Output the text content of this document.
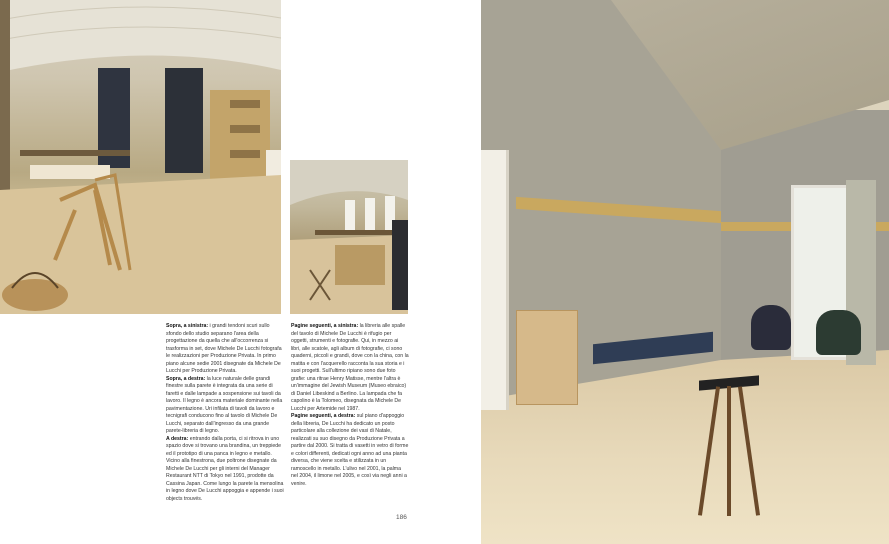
Sopra, a sinistra: i grandi tendoni scuri sullo sfondo dello studio separano l'area della progettazione da quella che all'occorrenza si trasforma in set, dove Michele De Lucchi fotografa le realizzazioni per Produzione Privata. In primo piano alcune sedie 2001 disegnate da Michele De Lucchi per Produzione Privata.
Sopra, a destra: la luce naturale delle grandi finestre sulla parete è integrata da una serie di faretti e dalle lampade a sospensione sui tavoli da lavoro. Il legno è ancora materiale dominante nella pavimentazione. Uri infilata di tavoli da lavoro e tecnigrafi conducono fino al tavolo di Michele De Lucchi, separato dall'ingresso da una grande parete-libreria di legno.
A destra: entrando dalla porta, ci si ritrova in uno spazio dove si trovano una brandina, un treppiede ed il prototipo di una panca in legno e metallo. Vicino alla finestrona, due poltrone disegnate da Michele De Lucchi per gli interni del Manager Restaurant NTT di Tokyo nel 1991, prodotte da Cassina Japan. Come lungo la parete la mensolina in legno dove De Lucchi appoggia e appende i suoi objects trouvés.
Pagine seguenti, a sinistra: la libreria alle spalle del tavolo di Michele De Lucchi è rifugio per oggetti, strumenti e fotografie. Qui, in mezzo ai libri, alle scatole, agli album di fotografie, ci sono quaderni, piccoli e grandi, dove con la china, con la matita e con l'acquerello racconta la sua storia e i suoi progetti. Sull'ultimo ripiano sono due foto grafie: una ritrae Henry Matisse, mentre l'altra è un'immagine del Jewish Museum (Museo ebraico) di Daniel Libeskind a Berlino. La lampada che fa capolino è la Tolomeo, disegnata da Michele De Lucchi per Artemide nel 1987.
Pagine seguenti, a destra: sul piano d'appoggio della libreria, De Lucchi ha dedicato un posto particolare alla collezione dei vasi di Natale, realizzati su suo disegno da Produzione Privata a partire dal 2000. Si tratta di vasetti in vetro di forme e colori differenti, dedicati ogni anno ad una pianta diversa, che viene scelta e stilizzata in un ramoscello in metallo. L'ulivo nel 2001, la palma nel 2004, il limone nel 2005, e così via negli anni a venire.
186
